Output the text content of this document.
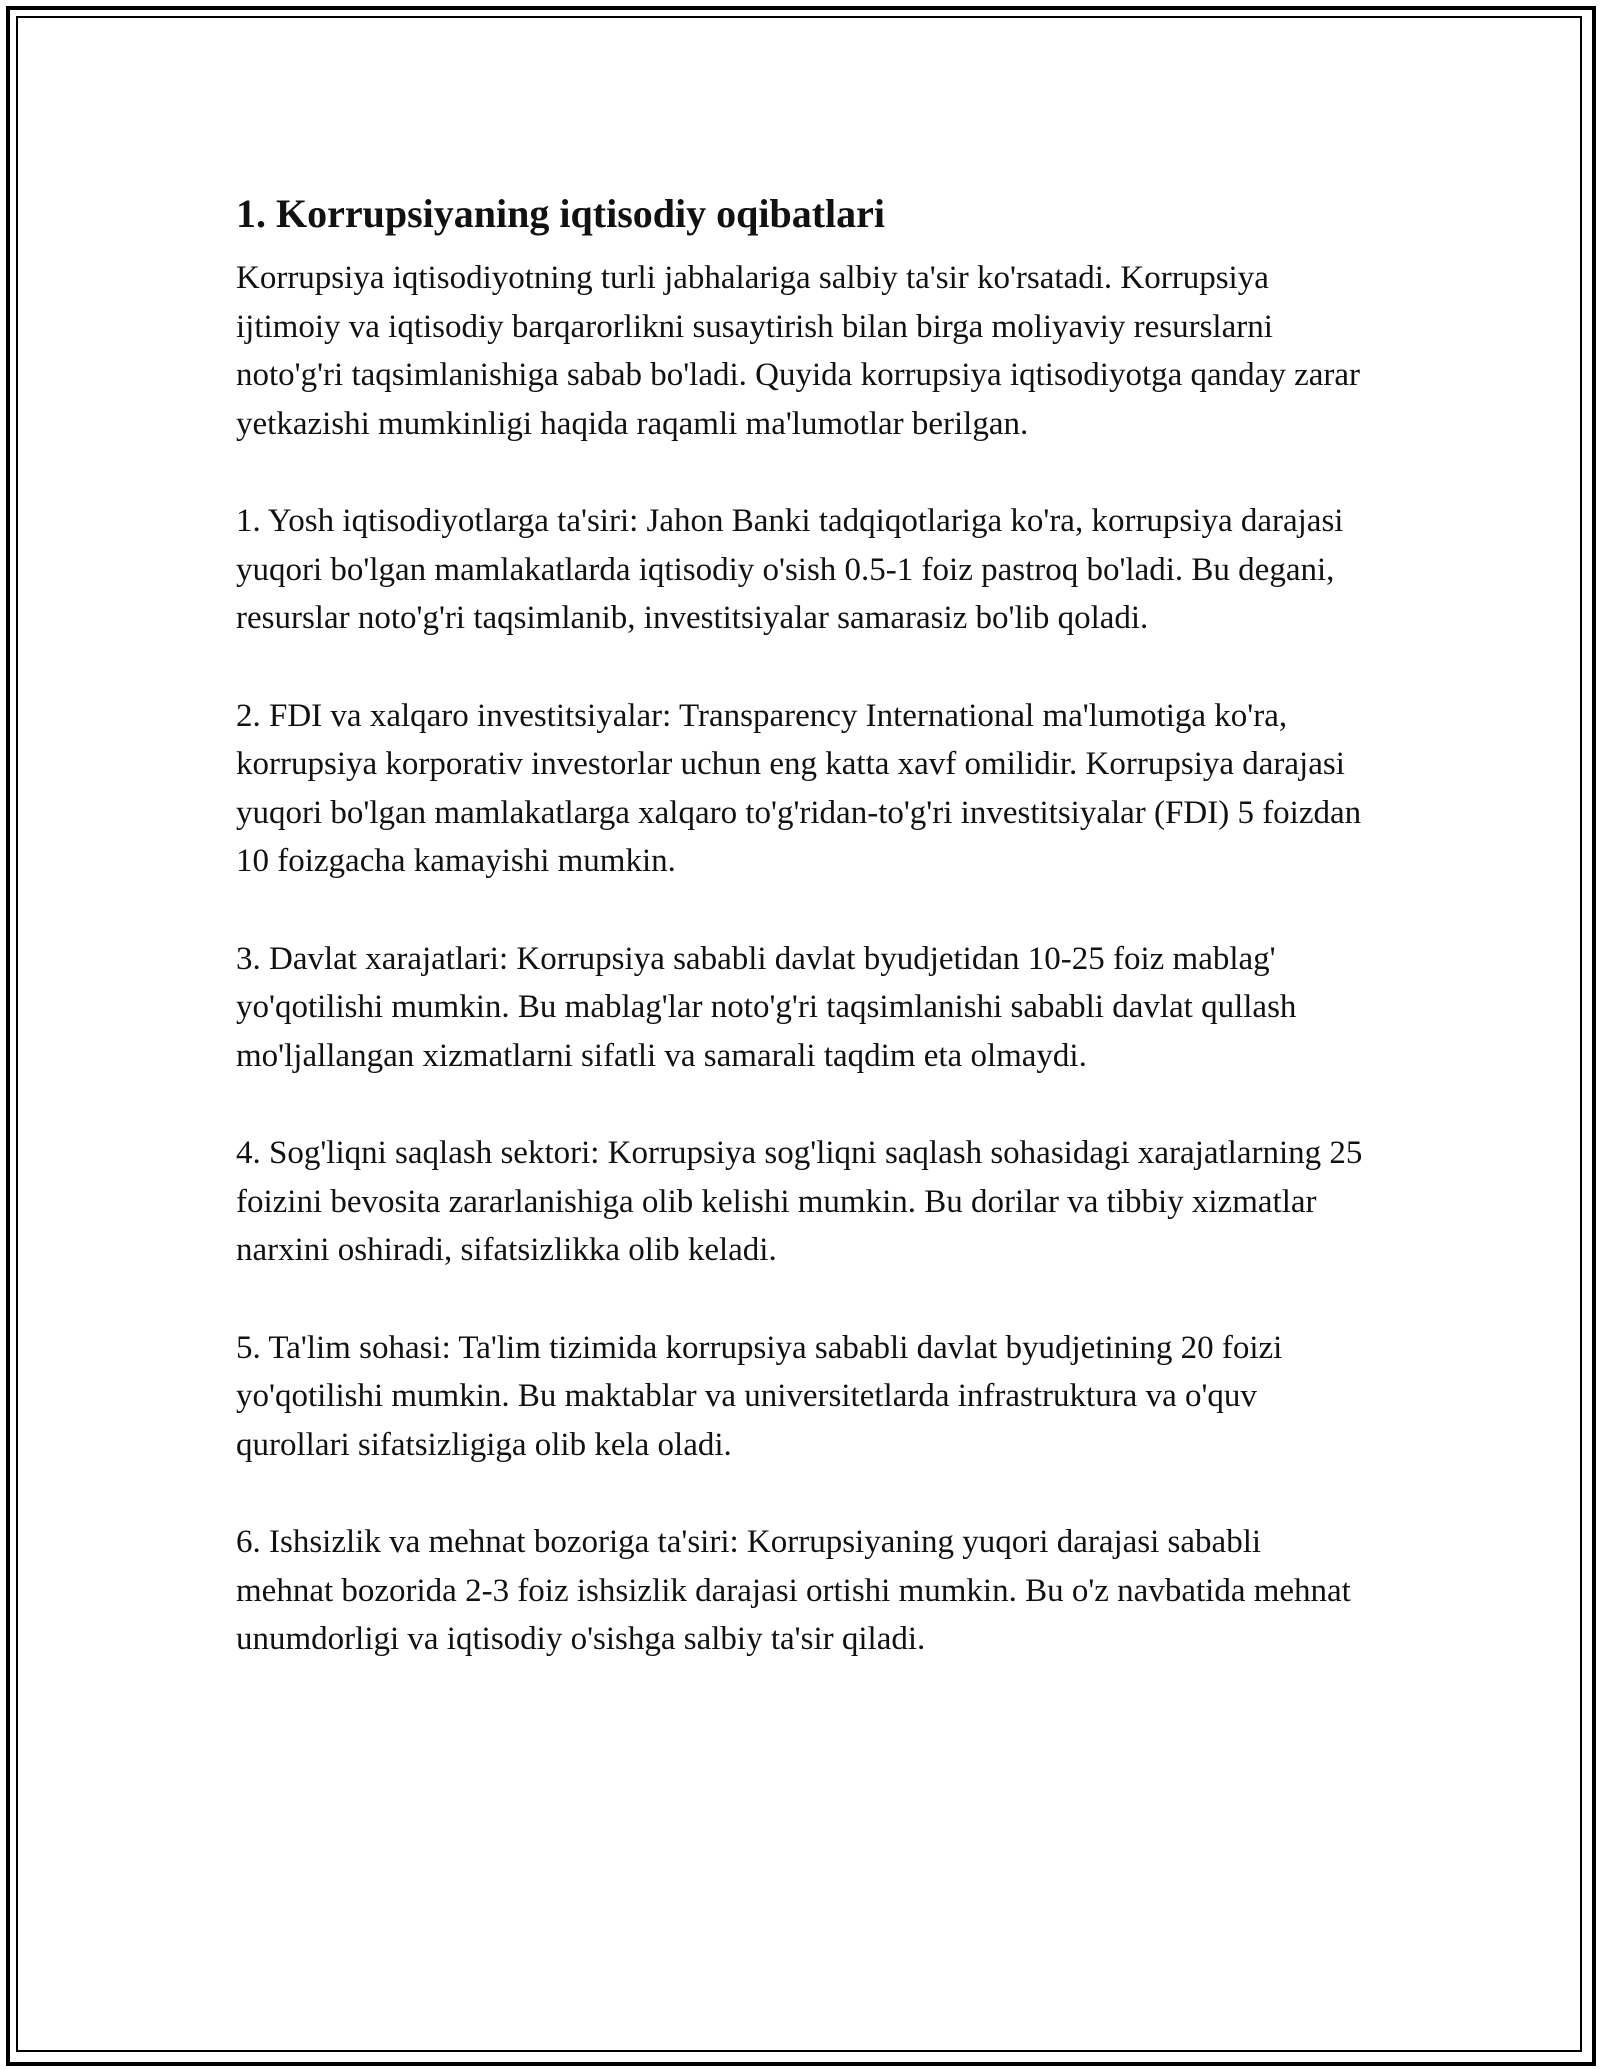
1. Korrupsiyaning iqtisodiy oqibatlari

Korrupsiya iqtisodiyotning turli jabhalariga salbiy ta'sir ko'rsatadi. Korrupsiya ijtimoiy va iqtisodiy barqarorlikni susaytirish bilan birga moliyaviy resurslarni noto'g'ri taqsimlanishiga sabab bo'ladi. Quyida korrupsiya iqtisodiyotga qanday zarar yetkazishi mumkinligi haqida raqamli ma'lumotlar berilgan.

1. Yosh iqtisodiyotlarga ta'siri: Jahon Banki tadqiqotlariga ko'ra, korrupsiya darajasi yuqori bo'lgan mamlakatlarda iqtisodiy o'sish 0.5-1 foiz pastroq bo'ladi. Bu degani, resurslar noto'g'ri taqsimlanib, investitsiyalar samarasiz bo'lib qoladi.

2. FDI va xalqaro investitsiyalar: Transparency International ma'lumotiga ko'ra, korrupsiya korporativ investorlar uchun eng katta xavf omilidir. Korrupsiya darajasi yuqori bo'lgan mamlakatlarga xalqaro to'g'ridan-to'g'ri investitsiyalar (FDI) 5 foizdan 10 foizgacha kamayishi mumkin.

3. Davlat xarajatlari: Korrupsiya sababli davlat byudjetidan 10-25 foiz mablag' yo'qotilishi mumkin. Bu mablag'lar noto'g'ri taqsimlanishi sababli davlat qullash mo'ljallangan xizmatlarni sifatli va samarali taqdim eta olmaydi.

4. Sog'liqni saqlash sektori: Korrupsiya sog'liqni saqlash sohasidagi xarajatlarning 25 foizini bevosita zararlanishiga olib kelishi mumkin. Bu dorilar va tibbiy xizmatlar narxini oshiradi, sifatsizlikka olib keladi.

5. Ta'lim sohasi: Ta'lim tizimida korrupsiya sababli davlat byudjetining 20 foizi yo'qotilishi mumkin. Bu maktablar va universitetlarda infrastruktura va o'quv qurollari sifatsizligiga olib kela oladi.

6. Ishsizlik va mehnat bozoriga ta'siri: Korrupsiyaning yuqori darajasi sababli mehnat bozorida 2-3 foiz ishsizlik darajasi ortishi mumkin. Bu o'z navbatida mehnat unumdorligi va iqtisodiy o'sishga salbiy ta'sir qiladi.
